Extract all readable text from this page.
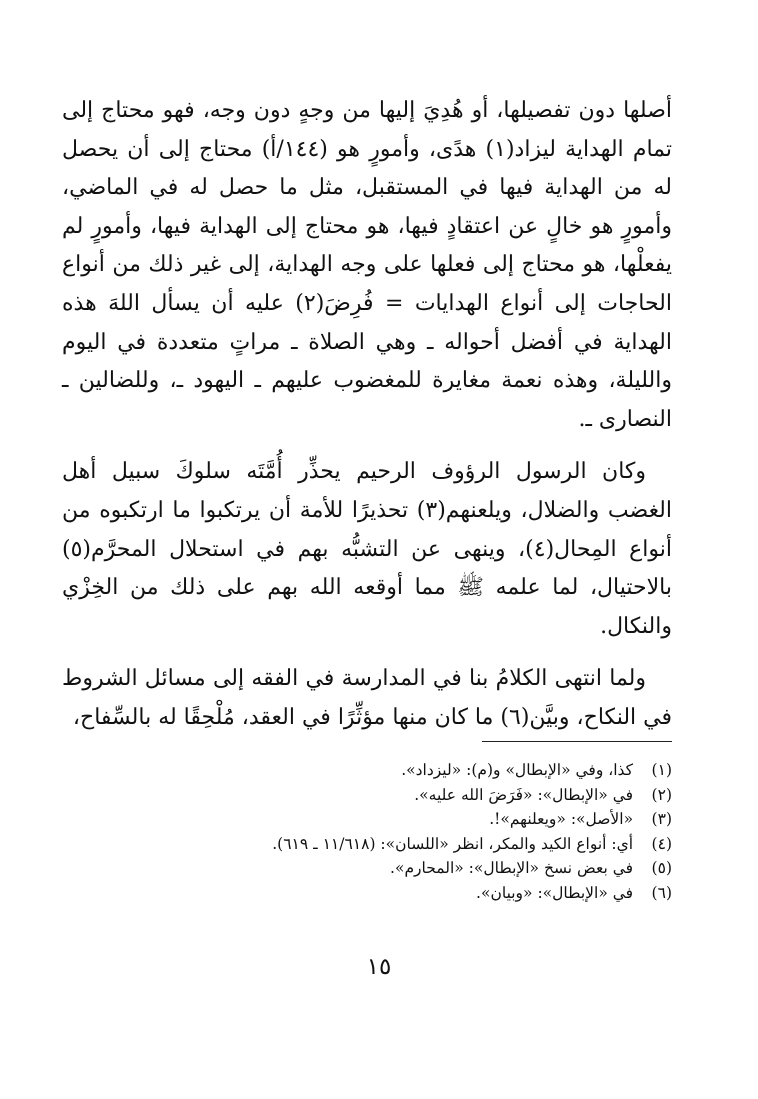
أصلها دون تفصيلها، أو هُدِيَ إليها من وجهٍ دون وجه، فهو محتاج إلى تمام الهداية ليزاد(١) هدًى، وأمورٍ هو (١٤٤/أ) محتاج إلى أن يحصل له من الهداية فيها في المستقبل، مثل ما حصل له في الماضي، وأمورٍ هو خالٍ عن اعتقادٍ فيها، هو محتاج إلى الهداية فيها، وأمورٍ لم يفعلْها، هو محتاج إلى فعلها على وجه الهداية، إلى غير ذلك من أنواع الحاجات إلى أنواع الهدايات = فُرِضَ(٢) عليه أن يسأل اللهَ هذه الهداية في أفضل أحواله ـ وهي الصلاة ـ مراتٍ متعددة في اليوم والليلة، وهذه نعمة مغايرة للمغضوب عليهم ـ اليهود ـ، وللضالين ـ النصارى ـ.

وكان الرسول الرؤوف الرحيم يحذِّر أُمَّتَه سلوكَ سبيل أهل الغضب والضلال، ويلعنهم(٣) تحذيرًا للأمة أن يرتكبوا ما ارتكبوه من أنواع المِحال(٤)، وينهى عن التشبُّه بهم في استحلال المحرَّم(٥) بالاحتيال، لما علمه ﷺ مما أوقعه الله بهم على ذلك من الخِزْي والنكال.

ولما انتهى الكلامُ بنا في المدارسة في الفقه إلى مسائل الشروط في النكاح، وبيَّن(٦) ما كان منها مؤثِّرًا في العقد، مُلْحِقًا له بالسِّفاح،

(١) كذا، وفي «الإبطال» و(م): «ليزداد».
(٢) في «الإبطال»: «فَرَضَ الله عليه».
(٣) «الأصل»: «ويعلنهم»!.
(٤) أي: أنواع الكيد والمكر، انظر «اللسان»: (١١/٦١٨ ـ ٦١٩).
(٥) في بعض نسخ «الإبطال»: «المحارم».
(٦) في «الإبطال»: «وبيان».
١٥
